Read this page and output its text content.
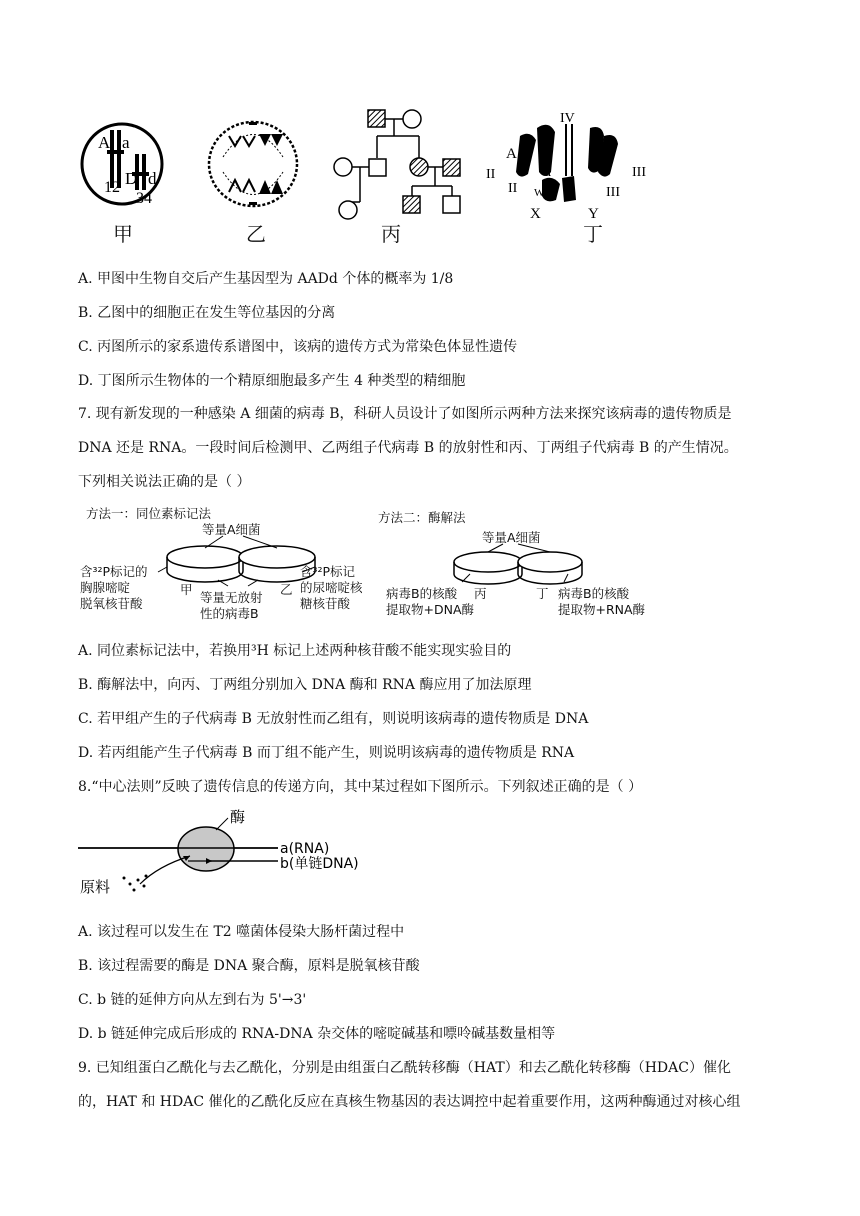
A a
D d
12
34
甲	乙	丙
IV
A
II
II
a
W
III
III
X	Y
丁
A. 甲图中生物自交后产生基因型为 AADd 个体的概率为 1/8
B. 乙图中的细胞正在发生等位基因的分离
C. 丙图所示的家系遗传系谱图中，该病的遗传方式为常染色体显性遗传
D. 丁图所示生物体的一个精原细胞最多产生 4 种类型的精细胞
7. 现有新发现的一种感染 A 细菌的病毒 B，科研人员设计了如图所示两种方法来探究该病毒的遗传物质是
DNA 还是 RNA。一段时间后检测甲、乙两组子代病毒 B 的放射性和丙、丁两组子代病毒 B 的产生情况。
下列相关说法正确的是（ ）
方法一：同位素标记法	方法二：酶解法
等量A细菌
等量A细菌
含³²P标记的
胸腺嘧啶
脱氧核苷酸
甲	乙
等量无放射
性的病毒B
含³²P标记
的尿嘧啶核
糖核苷酸
病毒B的核酸
提取物+DNA酶
丙	丁 病毒B的核酸
提取物+RNA酶
A. 同位素标记法中，若换用³H 标记上述两种核苷酸不能实现实验目的
B. 酶解法中，向丙、丁两组分别加入 DNA 酶和 RNA 酶应用了加法原理
C. 若甲组产生的子代病毒 B 无放射性而乙组有，则说明该病毒的遗传物质是 DNA
D. 若丙组能产生子代病毒 B 而丁组不能产生，则说明该病毒的遗传物质是 RNA
8.“中心法则”反映了遗传信息的传递方向，其中某过程如下图所示。下列叙述正确的是（ ）
酶
a(RNA)
b(单链DNA)
原料
A. 该过程可以发生在 T2 噬菌体侵染大肠杆菌过程中
B. 该过程需要的酶是 DNA 聚合酶，原料是脱氧核苷酸
C. b 链的延伸方向从左到右为 5'→3'
D. b 链延伸完成后形成的 RNA-DNA 杂交体的嘧啶碱基和嘌呤碱基数量相等
9. 已知组蛋白乙酰化与去乙酰化，分别是由组蛋白乙酰转移酶（HAT）和去乙酰化转移酶（HDAC）催化
的，HAT 和 HDAC 催化的乙酰化反应在真核生物基因的表达调控中起着重要作用，这两种酶通过对核心组
